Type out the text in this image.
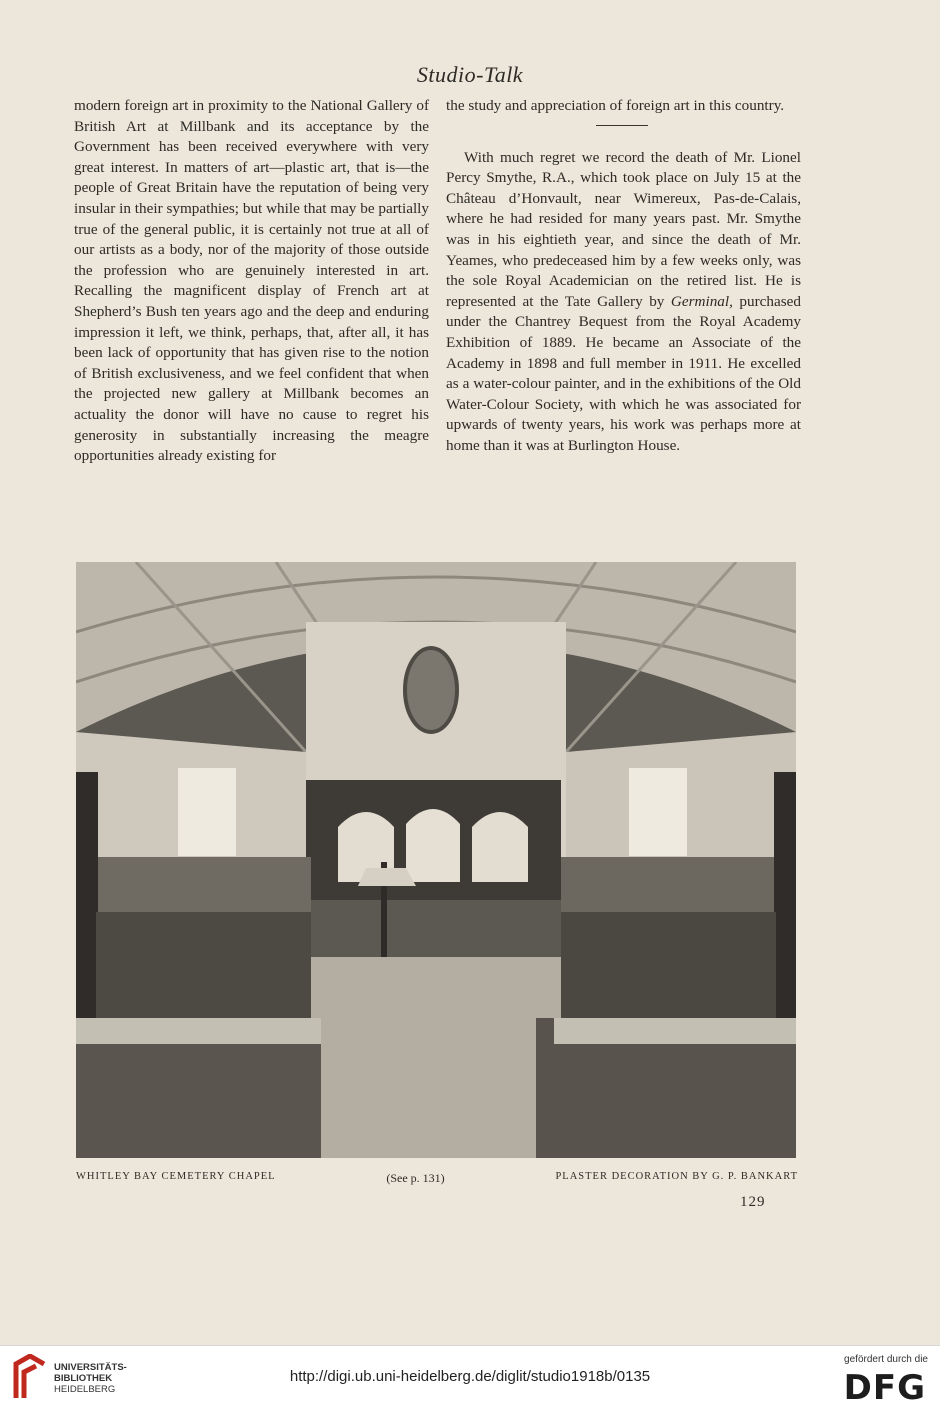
Studio-Talk

modern foreign art in proximity to the National Gallery of British Art at Millbank and its acceptance by the Government has been received everywhere with very great interest. In matters of art—plastic art, that is—the people of Great Britain have the reputation of being very insular in their sympathies; but while that may be partially true of the general public, it is certainly not true at all of our artists as a body, nor of the majority of those outside the profession who are genuinely interested in art. Recalling the magnificent display of French art at Shepherd’s Bush ten years ago and the deep and enduring impression it left, we think, perhaps, that, after all, it has been lack of opportunity that has given rise to the notion of British exclusiveness, and we feel confident that when the projected new gallery at Millbank becomes an actuality the donor will have no cause to regret his generosity in substantially increasing the meagre opportunities already existing for

the study and appreciation of foreign art in this country.

With much regret we record the death of Mr. Lionel Percy Smythe, R.A., which took place on July 15 at the Château d’Honvault, near Wimereux, Pas-de-Calais, where he had resided for many years past. Mr. Smythe was in his eightieth year, and since the death of Mr. Yeames, who predeceased him by a few weeks only, was the sole Royal Academician on the retired list. He is represented at the Tate Gallery by Germinal, purchased under the Chantrey Bequest from the Royal Academy Exhibition of 1889. He became an Associate of the Academy in 1898 and full member in 1911. He excelled as a water-colour painter, and in the exhibitions of the Old Water-Colour Society, with which he was associated for upwards of twenty years, his work was perhaps more at home than it was at Burlington House.

WHITLEY BAY CEMETERY CHAPEL	(See p. 131)	PLASTER DECORATION BY G. P. BANKART
129
UNIVERSITÄTS-
BIBLIOTHEK
HEIDELBERG
http://digi.ub.uni-heidelberg.de/diglit/studio1918b/0135
gefördert durch die
DFG
